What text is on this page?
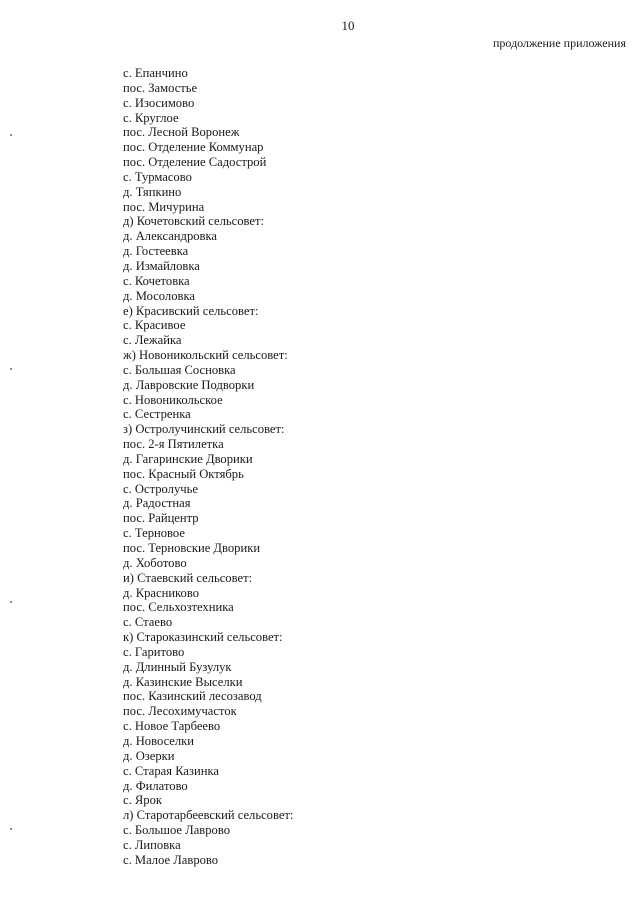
10
продолжение приложения
с. Епанчино
пос. Замостье
с. Изосимово
с. Круглое
пос. Лесной Воронеж
пос. Отделение Коммунар
пос. Отделение Садострой
с. Турмасово
д. Тяпкино
пос. Мичурина
д) Кочетовский сельсовет:
д. Александровка
д. Гостеевка
д. Измайловка
с. Кочетовка
д. Мосоловка
е) Красивский сельсовет:
с. Красивое
с. Лежайка
ж) Новоникольский сельсовет:
с. Большая Сосновка
д. Лавровские Подворки
с. Новоникольское
с. Сестренка
з) Остролучинский сельсовет:
пос. 2-я Пятилетка
д. Гагаринские Дворики
пос. Красный Октябрь
с. Остролучье
д. Радостная
пос. Райцентр
с. Терновое
пос. Терновские Дворики
д. Хоботово
и) Стаевский сельсовет:
д. Красниково
пос. Сельхозтехника
с. Стаево
к) Староказинский сельсовет:
с. Гаритово
д. Длинный Бузулук
д. Казинские Выселки
пос. Казинский лесозавод
пос. Лесохимучасток
с. Новое Тарбеево
д. Новоселки
д. Озерки
с. Старая Казинка
д. Филатово
с. Ярок
л) Старотарбеевский сельсовет:
с. Большое Лаврово
с. Липовка
с. Малое Лаврово
